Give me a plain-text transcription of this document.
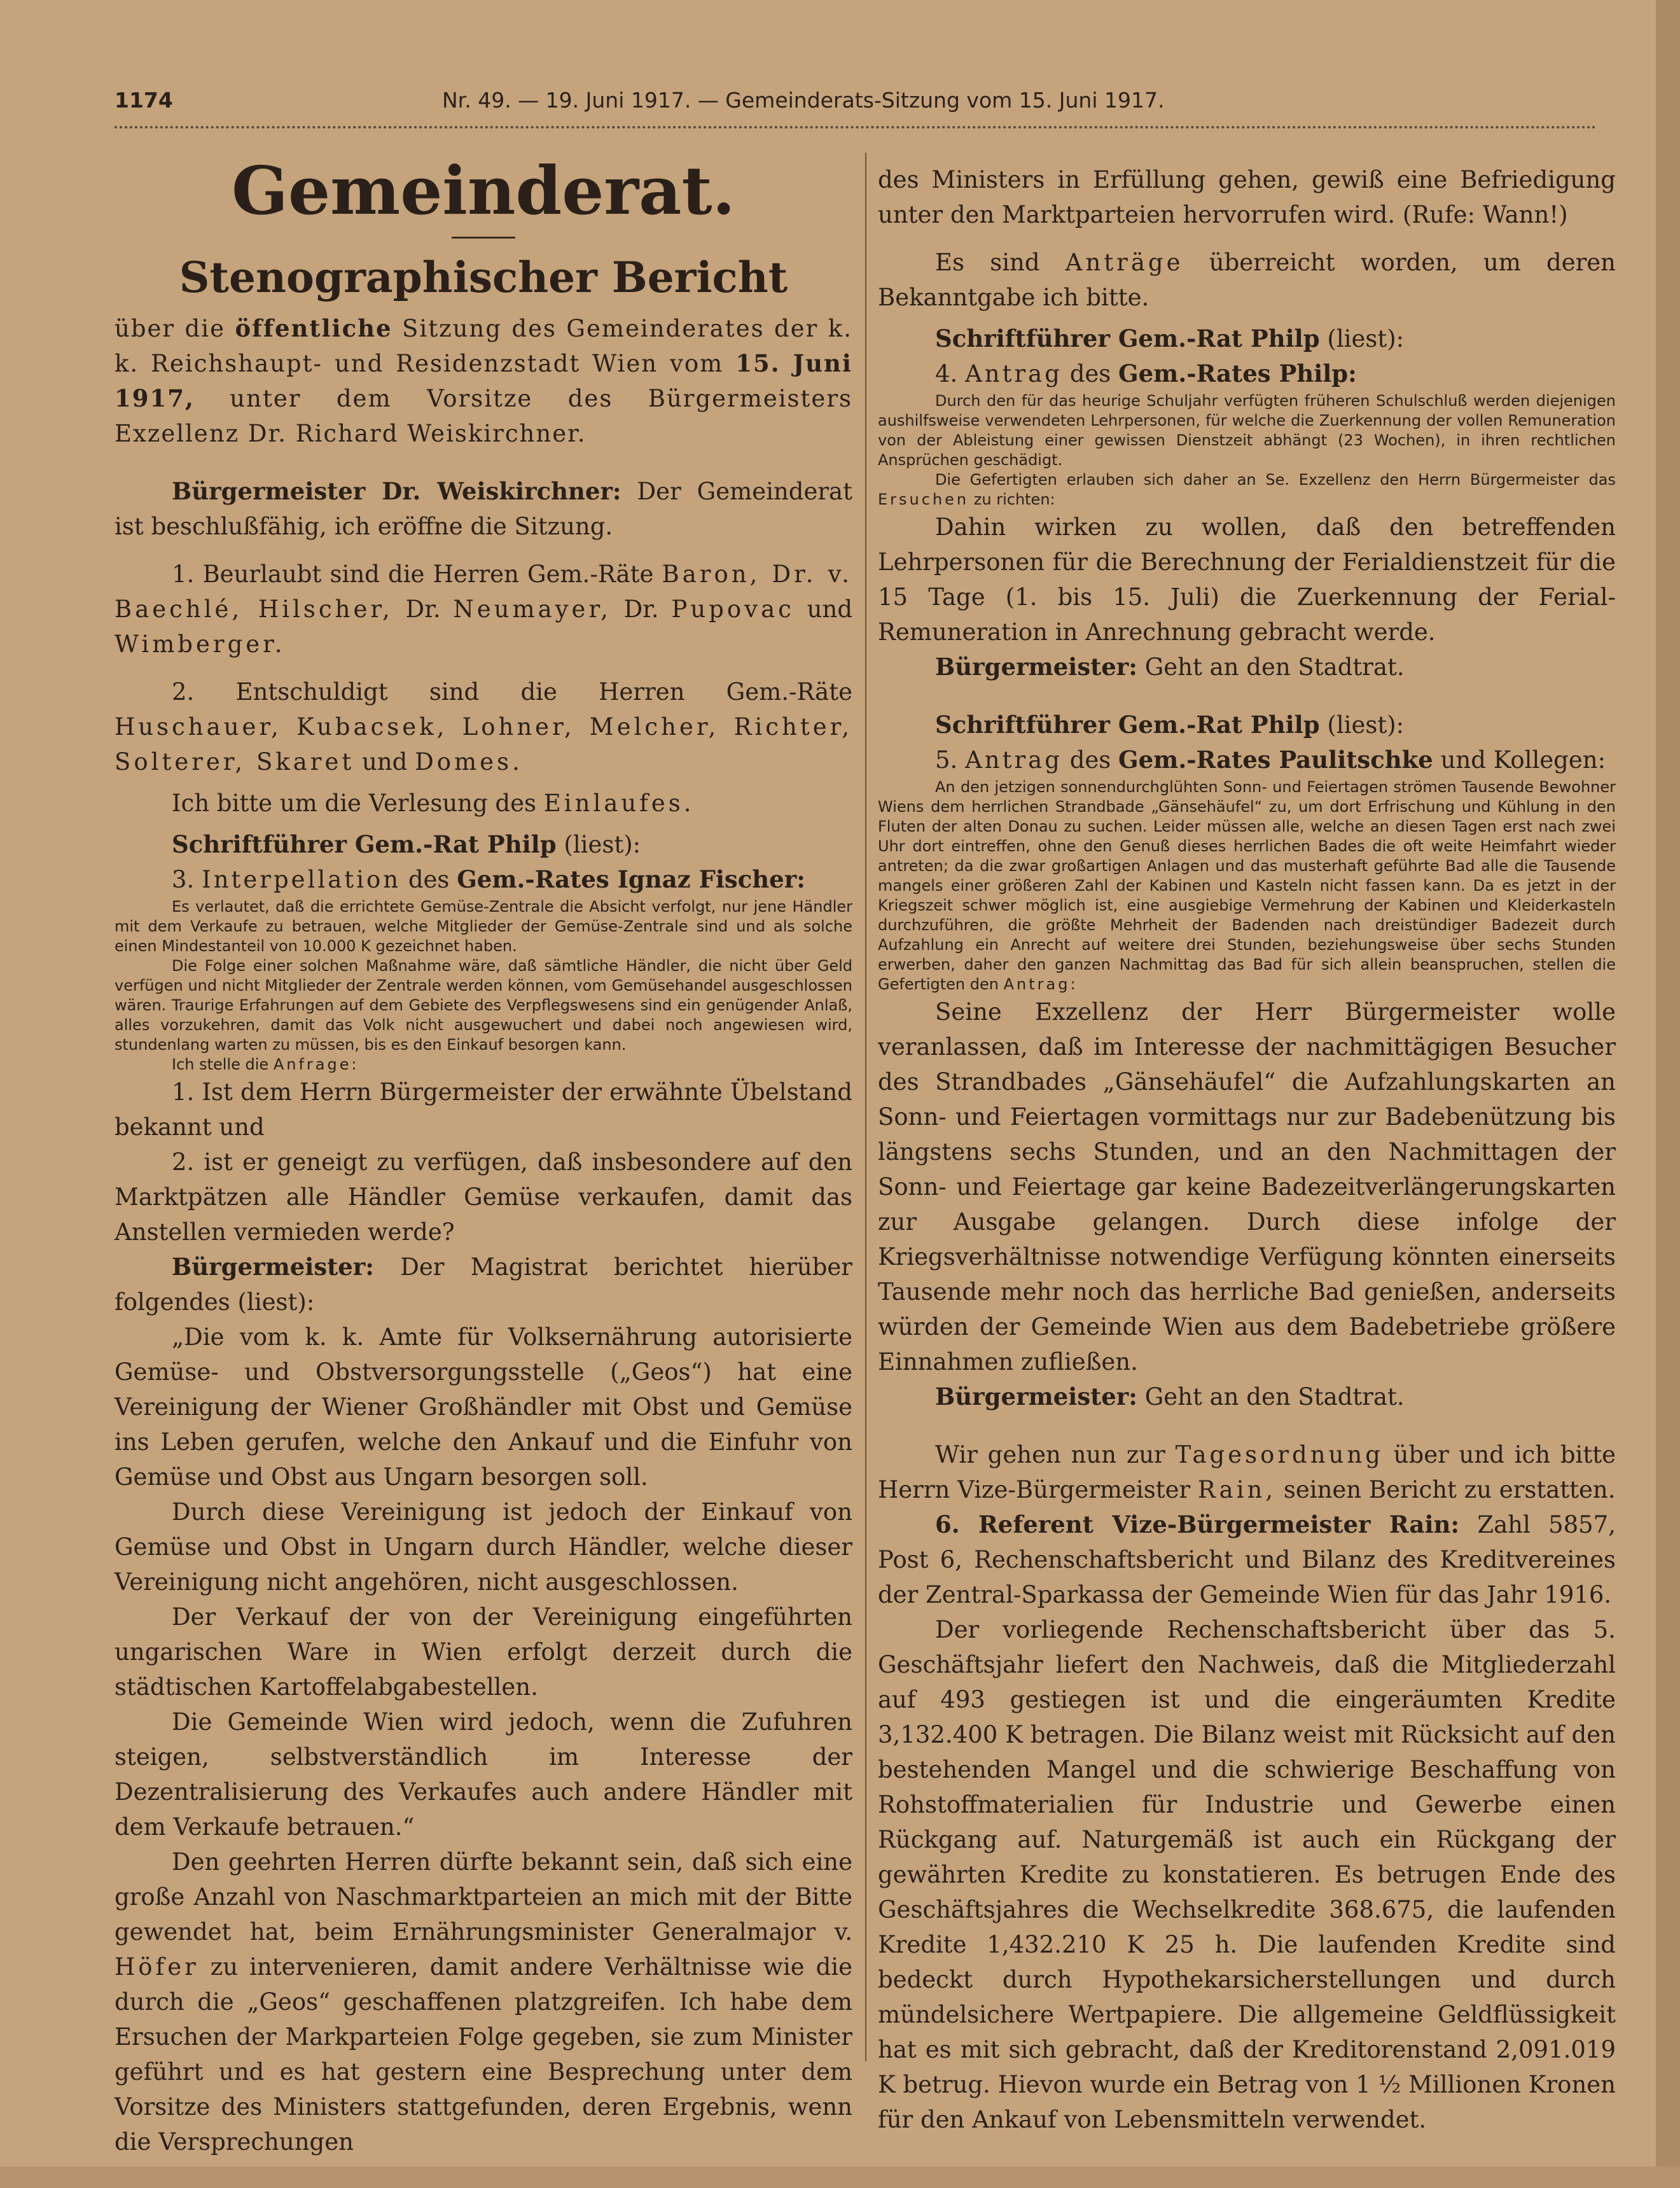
1174	Nr. 49. — 19. Juni 1917. — Gemeinderats-Sitzung vom 15. Juni 1917.
Gemeinderat.
Stenographischer Bericht

über die öffentliche Sitzung des Gemeinderates der k. k. Reichshaupt- und Residenzstadt Wien vom 15. Juni 1917, unter dem Vorsitze des Bürgermeisters Exzellenz Dr. Richard Weiskirchner.

Bürgermeister Dr. Weiskirchner: Der Gemeinderat ist beschlußfähig, ich eröffne die Sitzung.

1. Beurlaubt sind die Herren Gem.-Räte Baron, Dr. v. Baechlé, Hilscher, Dr. Neumayer, Dr. Pupovac und Wimberger.

2. Entschuldigt sind die Herren Gem.-Räte Huschauer, Kubacsek, Lohner, Melcher, Richter, Solterer, Skaret und Domes.

Ich bitte um die Verlesung des Einlaufes.

Schriftführer Gem.-Rat Philp (liest):

3. Interpellation des Gem.-Rates Ignaz Fischer:

Es verlautet, daß die errichtete Gemüse-Zentrale die Absicht verfolgt, nur jene Händler mit dem Verkaufe zu betrauen, welche Mitglieder der Gemüse-Zentrale sind und als solche einen Mindestanteil von 10.000 K gezeichnet haben.

Die Folge einer solchen Maßnahme wäre, daß sämtliche Händler, die nicht über Geld verfügen und nicht Mitglieder der Zentrale werden können, vom Gemüsehandel ausgeschlossen wären. Traurige Erfahrungen auf dem Gebiete des Verpflegswesens sind ein genügender Anlaß, alles vorzukehren, damit das Volk nicht ausgewuchert und dabei noch angewiesen wird, stundenlang warten zu müssen, bis es den Einkauf besorgen kann.

Ich stelle die Anfrage:

1. Ist dem Herrn Bürgermeister der erwähnte Übelstand bekannt und

2. ist er geneigt zu verfügen, daß insbesondere auf den Marktpätzen alle Händler Gemüse verkaufen, damit das Anstellen vermieden werde?

Bürgermeister: Der Magistrat berichtet hierüber folgendes (liest):

„Die vom k. k. Amte für Volksernährung autorisierte Gemüse- und Obstversorgungsstelle („Geos“) hat eine Vereinigung der Wiener Großhändler mit Obst und Gemüse ins Leben gerufen, welche den Ankauf und die Einfuhr von Gemüse und Obst aus Ungarn besorgen soll.

Durch diese Vereinigung ist jedoch der Einkauf von Gemüse und Obst in Ungarn durch Händler, welche dieser Vereinigung nicht angehören, nicht ausgeschlossen.

Der Verkauf der von der Vereinigung eingeführten ungarischen Ware in Wien erfolgt derzeit durch die städtischen Kartoffelabgabestellen.

Die Gemeinde Wien wird jedoch, wenn die Zufuhren steigen, selbstverständlich im Interesse der Dezentralisierung des Verkaufes auch andere Händler mit dem Verkaufe betrauen.“

Den geehrten Herren dürfte bekannt sein, daß sich eine große Anzahl von Naschmarktparteien an mich mit der Bitte gewendet hat, beim Ernährungsminister Generalmajor v. Höfer zu intervenieren, damit andere Verhältnisse wie die durch die „Geos“ geschaffenen platzgreifen. Ich habe dem Ersuchen der Markparteien Folge gegeben, sie zum Minister geführt und es hat gestern eine Besprechung unter dem Vorsitze des Ministers stattgefunden, deren Ergebnis, wenn die Versprechungen

des Ministers in Erfüllung gehen, gewiß eine Befriedigung unter den Marktparteien hervorrufen wird. (Rufe: Wann!)

Es sind Anträge überreicht worden, um deren Bekanntgabe ich bitte.

Schriftführer Gem.-Rat Philp (liest):

4. Antrag des Gem.-Rates Philp:

Durch den für das heurige Schuljahr verfügten früheren Schulschluß werden diejenigen aushilfsweise verwendeten Lehrpersonen, für welche die Zuerkennung der vollen Remuneration von der Ableistung einer gewissen Dienstzeit abhängt (23 Wochen), in ihren rechtlichen Ansprüchen geschädigt.

Die Gefertigten erlauben sich daher an Se. Exzellenz den Herrn Bürgermeister das Ersuchen zu richten:

Dahin wirken zu wollen, daß den betreffenden Lehrpersonen für die Berechnung der Ferialdienstzeit für die 15 Tage (1. bis 15. Juli) die Zuerkennung der Ferial-Remuneration in Anrechnung gebracht werde.

Bürgermeister: Geht an den Stadtrat.

Schriftführer Gem.-Rat Philp (liest):

5. Antrag des Gem.-Rates Paulitschke und Kollegen:

An den jetzigen sonnendurchglühten Sonn- und Feiertagen strömen Tausende Bewohner Wiens dem herrlichen Strandbade „Gänsehäufel“ zu, um dort Erfrischung und Kühlung in den Fluten der alten Donau zu suchen. Leider müssen alle, welche an diesen Tagen erst nach zwei Uhr dort eintreffen, ohne den Genuß dieses herrlichen Bades die oft weite Heimfahrt wieder antreten; da die zwar großartigen Anlagen und das musterhaft geführte Bad alle die Tausende mangels einer größeren Zahl der Kabinen und Kasteln nicht fassen kann. Da es jetzt in der Kriegszeit schwer möglich ist, eine ausgiebige Vermehrung der Kabinen und Kleiderkasteln durchzuführen, die größte Mehrheit der Badenden nach dreistündiger Badezeit durch Aufzahlung ein Anrecht auf weitere drei Stunden, beziehungsweise über sechs Stunden erwerben, daher den ganzen Nachmittag das Bad für sich allein beanspruchen, stellen die Gefertigten den Antrag:

Seine Exzellenz der Herr Bürgermeister wolle veranlassen, daß im Interesse der nachmittägigen Besucher des Strandbades „Gänsehäufel“ die Aufzahlungskarten an Sonn- und Feiertagen vormittags nur zur Badebenützung bis längstens sechs Stunden, und an den Nachmittagen der Sonn- und Feiertage gar keine Badezeitverlängerungskarten zur Ausgabe gelangen. Durch diese infolge der Kriegsverhältnisse notwendige Verfügung könnten einerseits Tausende mehr noch das herrliche Bad genießen, anderseits würden der Gemeinde Wien aus dem Badebetriebe größere Einnahmen zufließen.

Bürgermeister: Geht an den Stadtrat.

Wir gehen nun zur Tagesordnung über und ich bitte Herrn Vize-Bürgermeister Rain, seinen Bericht zu erstatten.

6. Referent Vize-Bürgermeister Rain: Zahl 5857, Post 6, Rechenschaftsbericht und Bilanz des Kreditvereines der Zentral-Sparkassa der Gemeinde Wien für das Jahr 1916.

Der vorliegende Rechenschaftsbericht über das 5. Geschäftsjahr liefert den Nachweis, daß die Mitgliederzahl auf 493 gestiegen ist und die eingeräumten Kredite 3,132.400 K betragen. Die Bilanz weist mit Rücksicht auf den bestehenden Mangel und die schwierige Beschaffung von Rohstoffmaterialien für Industrie und Gewerbe einen Rückgang auf. Naturgemäß ist auch ein Rückgang der gewährten Kredite zu konstatieren. Es betrugen Ende des Geschäftsjahres die Wechselkredite 368.675, die laufenden Kredite 1,432.210 K 25 h. Die laufenden Kredite sind bedeckt durch Hypothekarsicherstellungen und durch mündelsichere Wertpapiere. Die allgemeine Geldflüssigkeit hat es mit sich gebracht, daß der Kreditorenstand 2,091.019 K betrug. Hievon wurde ein Betrag von 1 ½ Millionen Kronen für den Ankauf von Lebensmitteln verwendet.
